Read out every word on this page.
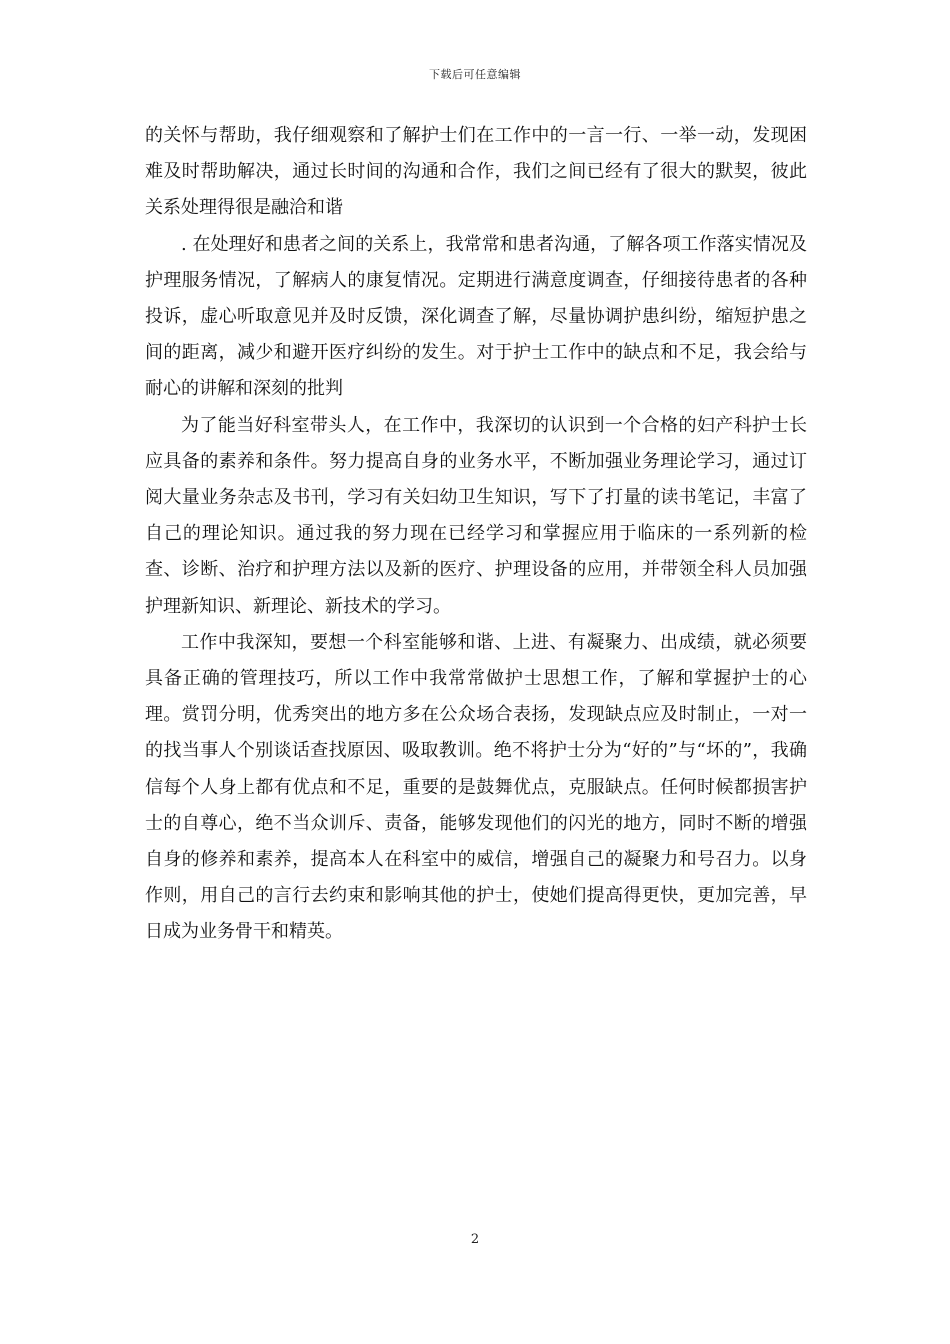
下载后可任意编辑

的关怀与帮助，我仔细观察和了解护士们在工作中的一言一行、一举一动，发现困难及时帮助解决，通过长时间的沟通和合作，我们之间已经有了很大的默契，彼此关系处理得很是融洽和谐

. 在处理好和患者之间的关系上，我常常和患者沟通，了解各项工作落实情况及护理服务情况，了解病人的康复情况。定期进行满意度调查，仔细接待患者的各种投诉，虚心听取意见并及时反馈，深化调查了解，尽量协调护患纠纷，缩短护患之间的距离，减少和避开医疗纠纷的发生。对于护士工作中的缺点和不足，我会给与耐心的讲解和深刻的批判

为了能当好科室带头人，在工作中，我深切的认识到一个合格的妇产科护士长应具备的素养和条件。努力提高自身的业务水平，不断加强业务理论学习，通过订阅大量业务杂志及书刊，学习有关妇幼卫生知识，写下了打量的读书笔记，丰富了自己的理论知识。通过我的努力现在已经学习和掌握应用于临床的一系列新的检查、诊断、治疗和护理方法以及新的医疗、护理设备的应用，并带领全科人员加强护理新知识、新理论、新技术的学习。

工作中我深知，要想一个科室能够和谐、上进、有凝聚力、出成绩，就必须要具备正确的管理技巧，所以工作中我常常做护士思想工作，了解和掌握护士的心理。赏罚分明，优秀突出的地方多在公众场合表扬，发现缺点应及时制止，一对一的找当事人个别谈话查找原因、吸取教训。绝不将护士分为“好的”与“坏的”，我确信每个人身上都有优点和不足，重要的是鼓舞优点，克服缺点。任何时候都损害护士的自尊心，绝不当众训斥、责备，能够发现他们的闪光的地方，同时不断的增强自身的修养和素养，提高本人在科室中的威信，增强自己的凝聚力和号召力。以身作则，用自己的言行去约束和影响其他的护士，使她们提高得更快，更加完善，早日成为业务骨干和精英。

2
